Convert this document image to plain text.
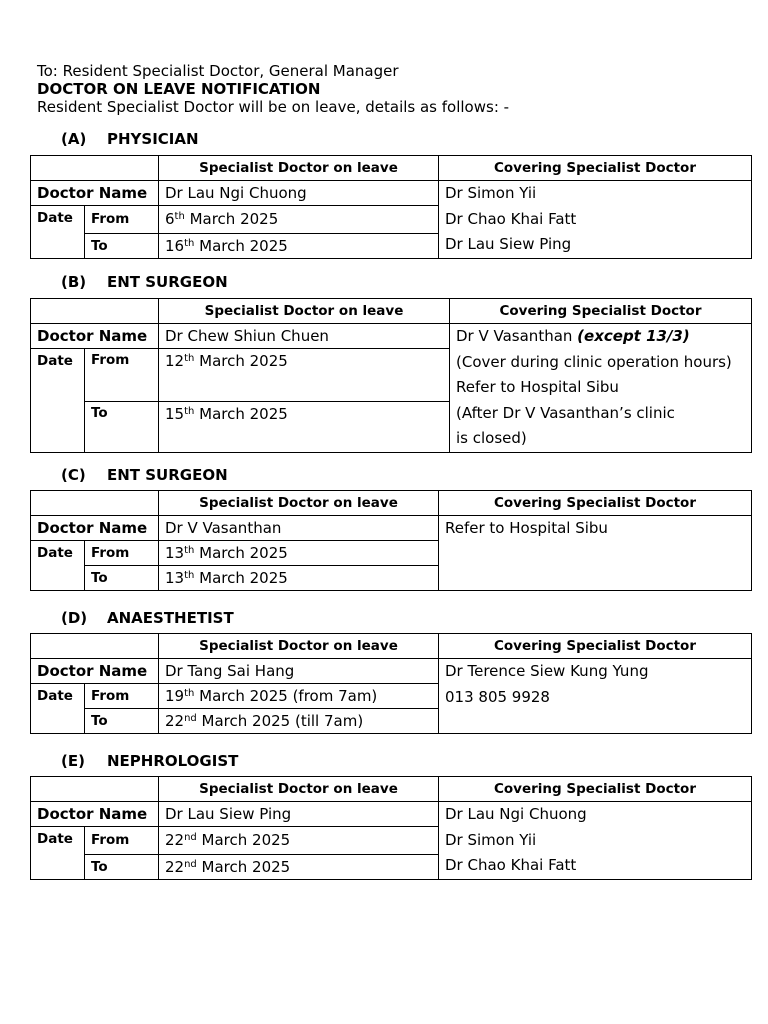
To: Resident Specialist Doctor, General Manager
DOCTOR ON LEAVE NOTIFICATION
Resident Specialist Doctor will be on leave, details as follows: -
(A) PHYSICIAN
		Specialist Doctor on leave	Covering Specialist Doctor
Doctor Name		Dr Lau Ngi Chuong	Dr Simon Yii
Dr Chao Khai Fatt
Dr Lau Siew Ping

Date	From	6th March 2025	
	To	16th March 2025	
(B) ENT SURGEON
		Specialist Doctor on leave	Covering Specialist Doctor
Doctor Name		Dr Chew Shiun Chuen	Dr V Vasanthan (except 13/3)
(Cover during clinic operation hours)
Refer to Hospital Sibu
(After Dr V Vasanthan’s clinic
is closed)

Date	From	12th March 2025	
	To	15th March 2025	
(C) ENT SURGEON
		Specialist Doctor on leave	Covering Specialist Doctor
Doctor Name		Dr V Vasanthan	Refer to Hospital Sibu

Date	From	13th March 2025	
	To	13th March 2025	
(D) ANAESTHETIST
		Specialist Doctor on leave	Covering Specialist Doctor
Doctor Name		Dr Tang Sai Hang	Dr Terence Siew Kung Yung
013 805 9928

Date	From	19th March 2025 (from 7am)	
	To	22nd March 2025 (till 7am)	
(E) NEPHROLOGIST
		Specialist Doctor on leave	Covering Specialist Doctor
Doctor Name		Dr Lau Siew Ping	Dr Lau Ngi Chuong
Dr Simon Yii
Dr Chao Khai Fatt

Date	From	22nd March 2025	
	To	22nd March 2025	
